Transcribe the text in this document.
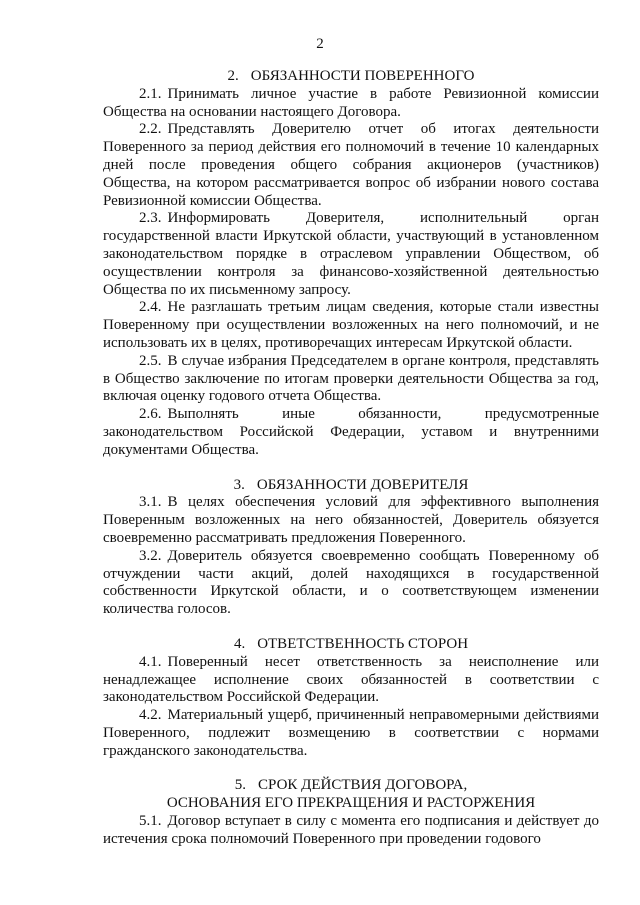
2

2. ОБЯЗАННОСТИ ПОВЕРЕННОГО

2.1. Принимать личное участие в работе Ревизионной комиссии Общества на основании настоящего Договора.

2.2. Представлять Доверителю отчет об итогах деятельности Поверенного за период действия его полномочий в течение 10 календарных дней после проведения общего собрания акционеров (участников) Общества, на котором рассматривается вопрос об избрании нового состава Ревизионной комиссии Общества.

2.3. Информировать Доверителя, исполнительный орган государственной власти Иркутской области, участвующий в установленном законодательством порядке в отраслевом управлении Обществом, об осуществлении контроля за финансово-хозяйственной деятельностью Общества по их письменному запросу.

2.4. Не разглашать третьим лицам сведения, которые стали известны Поверенному при осуществлении возложенных на него полномочий, и не использовать их в целях, противоречащих интересам Иркутской области.

2.5. В случае избрания Председателем в органе контроля, представлять в Общество заключение по итогам проверки деятельности Общества за год, включая оценку годового отчета Общества.

2.6. Выполнять иные обязанности, предусмотренные законодательством Российской Федерации, уставом и внутренними документами Общества.

3. ОБЯЗАННОСТИ ДОВЕРИТЕЛЯ

3.1. В целях обеспечения условий для эффективного выполнения Поверенным возложенных на него обязанностей, Доверитель обязуется своевременно рассматривать предложения Поверенного.

3.2. Доверитель обязуется своевременно сообщать Поверенному об отчуждении части акций, долей находящихся в государственной собственности Иркутской области, и о соответствующем изменении количества голосов.

4. ОТВЕТСТВЕННОСТЬ СТОРОН

4.1. Поверенный несет ответственность за неисполнение или ненадлежащее исполнение своих обязанностей в соответствии с законодательством Российской Федерации.

4.2. Материальный ущерб, причиненный неправомерными действиями Поверенного, подлежит возмещению в соответствии с нормами гражданского законодательства.

5. СРОК ДЕЙСТВИЯ ДОГОВОРА,

ОСНОВАНИЯ ЕГО ПРЕКРАЩЕНИЯ И РАСТОРЖЕНИЯ

5.1. Договор вступает в силу с момента его подписания и действует до истечения срока полномочий Поверенного при проведении годового
